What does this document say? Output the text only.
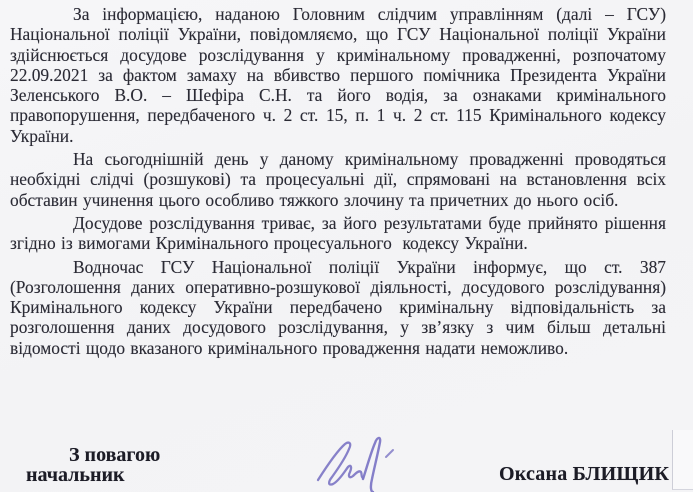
За інформацією, наданою Головним слідчим управлінням (далі – ГСУ) Національної поліції України, повідомляємо, що ГСУ Національної поліції України здійснюється досудове розслідування у кримінальному провадженні, розпочатому 22.09.2021 за фактом замаху на вбивство першого помічника Президента України Зеленського В.О. – Шефіра С.Н. та його водія, за ознаками кримінального правопорушення, передбаченого ч. 2 ст. 15, п. 1 ч. 2 ст. 115 Кримінального кодексу України.

На сьогоднішній день у даному кримінальному провадженні проводяться необхідні слідчі (розшукові) та процесуальні дії, спрямовані на встановлення всіх обставин учинення цього особливо тяжкого злочину та причетних до нього осіб.

Досудове розслідування триває, за його результатами буде прийнято рішення згідно із вимогами Кримінального процесуального  кодексу України.

Водночас ГСУ Національної поліції України інформує, що ст. 387 (Розголошення даних оперативно-розшукової діяльності, досудового розслідування) Кримінального кодексу України передбачено кримінальну відповідальність за розголошення даних досудового розслідування, у зв’язку з чим більш детальні відомості щодо вказаного кримінального провадження надати неможливо.

З повагою
начальник	Оксана БЛИЩИК
